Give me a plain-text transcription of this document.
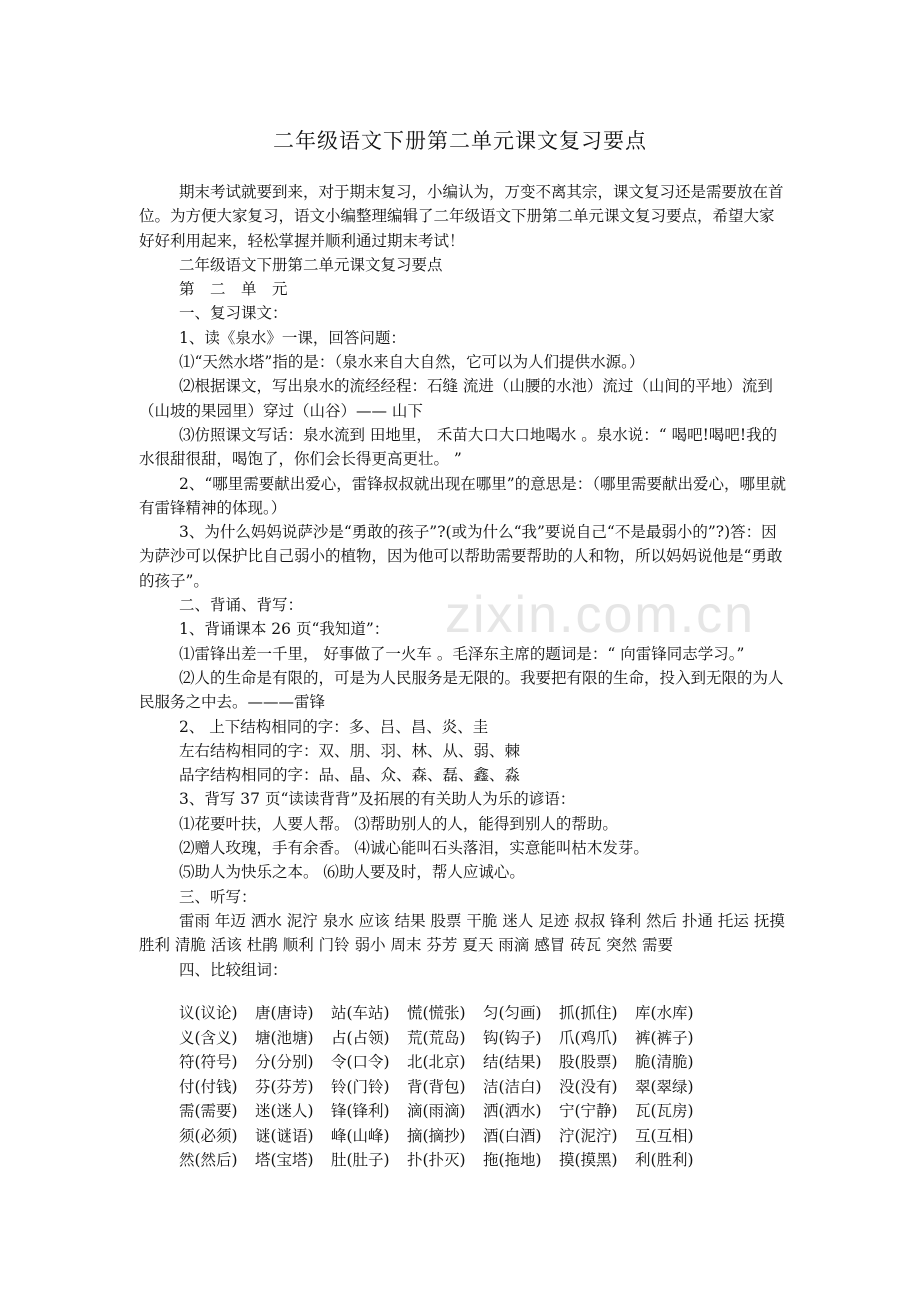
zixin.com.cn
二年级语文下册第二单元课文复习要点

期末考试就要到来，对于期末复习，小编认为，万变不离其宗，课文复习还是需要放在首位。为方便大家复习，语文小编整理编辑了二年级语文下册第二单元课文复习要点，希望大家好好利用起来，轻松掌握并顺利通过期末考试！

二年级语文下册第二单元课文复习要点

第　二　单　元

一、复习课文：

1、读《泉水》一课，回答问题：

⑴“天然水塔”指的是：（泉水来自大自然，它可以为人们提供水源。）

⑵根据课文，写出泉水的流经经程：石缝 流进（山腰的水池）流过（山间的平地）流到（山坡的果园里）穿过（山谷）—— 山下

⑶仿照课文写话：泉水流到 田地里， 禾苗大口大口地喝水 。泉水说：“ 喝吧!喝吧!我的水很甜很甜，喝饱了，你们会长得更高更壮。 ”

2、“哪里需要献出爱心，雷锋叔叔就出现在哪里”的意思是：（哪里需要献出爱心，哪里就有雷锋精神的体现。）

3、为什么妈妈说萨沙是“勇敢的孩子”?(或为什么“我”要说自己“不是最弱小的”?)答：因为萨沙可以保护比自己弱小的植物，因为他可以帮助需要帮助的人和物，所以妈妈说他是“勇敢的孩子”。

二、背诵、背写：

1、背诵课本 26 页“我知道”：

⑴雷锋出差一千里， 好事做了一火车 。毛泽东主席的题词是：“ 向雷锋同志学习。”

⑵人的生命是有限的，可是为人民服务是无限的。我要把有限的生命，投入到无限的为人民服务之中去。———雷锋

2、 上下结构相同的字：多、吕、昌、炎、圭

左右结构相同的字：双、朋、羽、林、从、弱、棘

品字结构相同的字：品、晶、众、森、磊、鑫、淼

3、背写 37 页“读读背背”及拓展的有关助人为乐的谚语：

⑴花要叶扶，人要人帮。 ⑶帮助别人的人，能得到别人的帮助。

⑵赠人玫瑰，手有余香。 ⑷诚心能叫石头落泪，实意能叫枯木发芽。

⑸助人为快乐之本。 ⑹助人要及时，帮人应诚心。

三、听写：

雷雨 年迈 洒水 泥泞 泉水 应该 结果 股票 干脆 迷人 足迹 叔叔 锋利 然后 扑通 托运 抚摸 胜利 清脆 活该 杜鹃 顺利 门铃 弱小 周末 芬芳 夏天 雨滴 感冒 砖瓦 突然 需要

四、比较组词：

议(议论)	唐(唐诗)	站(车站)	慌(慌张)	匀(匀画)	抓(抓住)	库(水库)
义(含义)	塘(池塘)	占(占领)	荒(荒岛)	钩(钩子)	爪(鸡爪)	裤(裤子)
符(符号)	分(分别)	令(口令)	北(北京)	结(结果)	股(股票)	脆(清脆)
付(付钱)	芬(芬芳)	铃(门铃)	背(背包)	洁(洁白)	没(没有)	翠(翠绿)
需(需要)	迷(迷人)	锋(锋利)	滴(雨滴)	洒(洒水)	宁(宁静)	瓦(瓦房)
须(必须)	谜(谜语)	峰(山峰)	摘(摘抄)	酒(白酒)	泞(泥泞)	互(互相)
然(然后)	塔(宝塔)	肚(肚子)	扑(扑灭)	拖(拖地)	摸(摸黑)	利(胜利)
